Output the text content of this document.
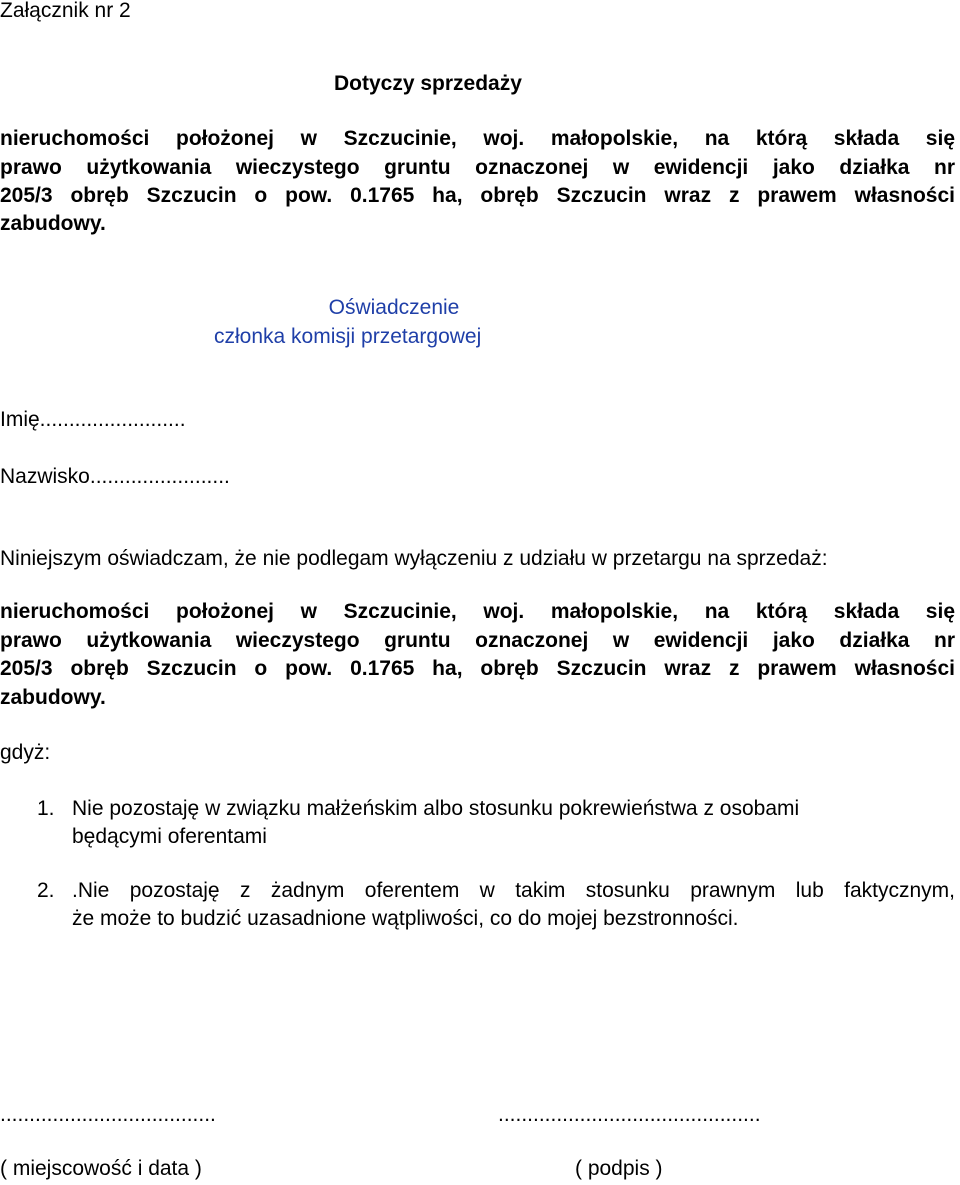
Załącznik nr 2
Dotyczy sprzedaży
nieruchomości położonej w Szczucinie, woj. małopolskie, na którą składa się
prawo użytkowania wieczystego gruntu oznaczonej w ewidencji jako działka nr
205/3 obręb Szczucin o pow. 0.1765 ha, obręb Szczucin wraz z prawem własności
zabudowy.
Oświadczenie
członka komisji przetargowej
Imię.........................
Nazwisko........................
Niniejszym oświadczam, że nie podlegam wyłączeniu z udziału w przetargu na sprzedaż:
nieruchomości położonej w Szczucinie, woj. małopolskie, na którą składa się
prawo użytkowania wieczystego gruntu oznaczonej w ewidencji jako działka nr
205/3 obręb Szczucin o pow. 0.1765 ha, obręb Szczucin wraz z prawem własności
zabudowy.
gdyż:
1. Nie pozostaję w związku małżeńskim albo stosunku pokrewieństwa z osobami
będącymi oferentami
2. .Nie pozostaję z żadnym oferentem w takim stosunku prawnym lub faktycznym,
że może to budzić uzasadnione wątpliwości, co do mojej bezstronności.
.....................................	.............................................
( miejscowość i data )	( podpis )
